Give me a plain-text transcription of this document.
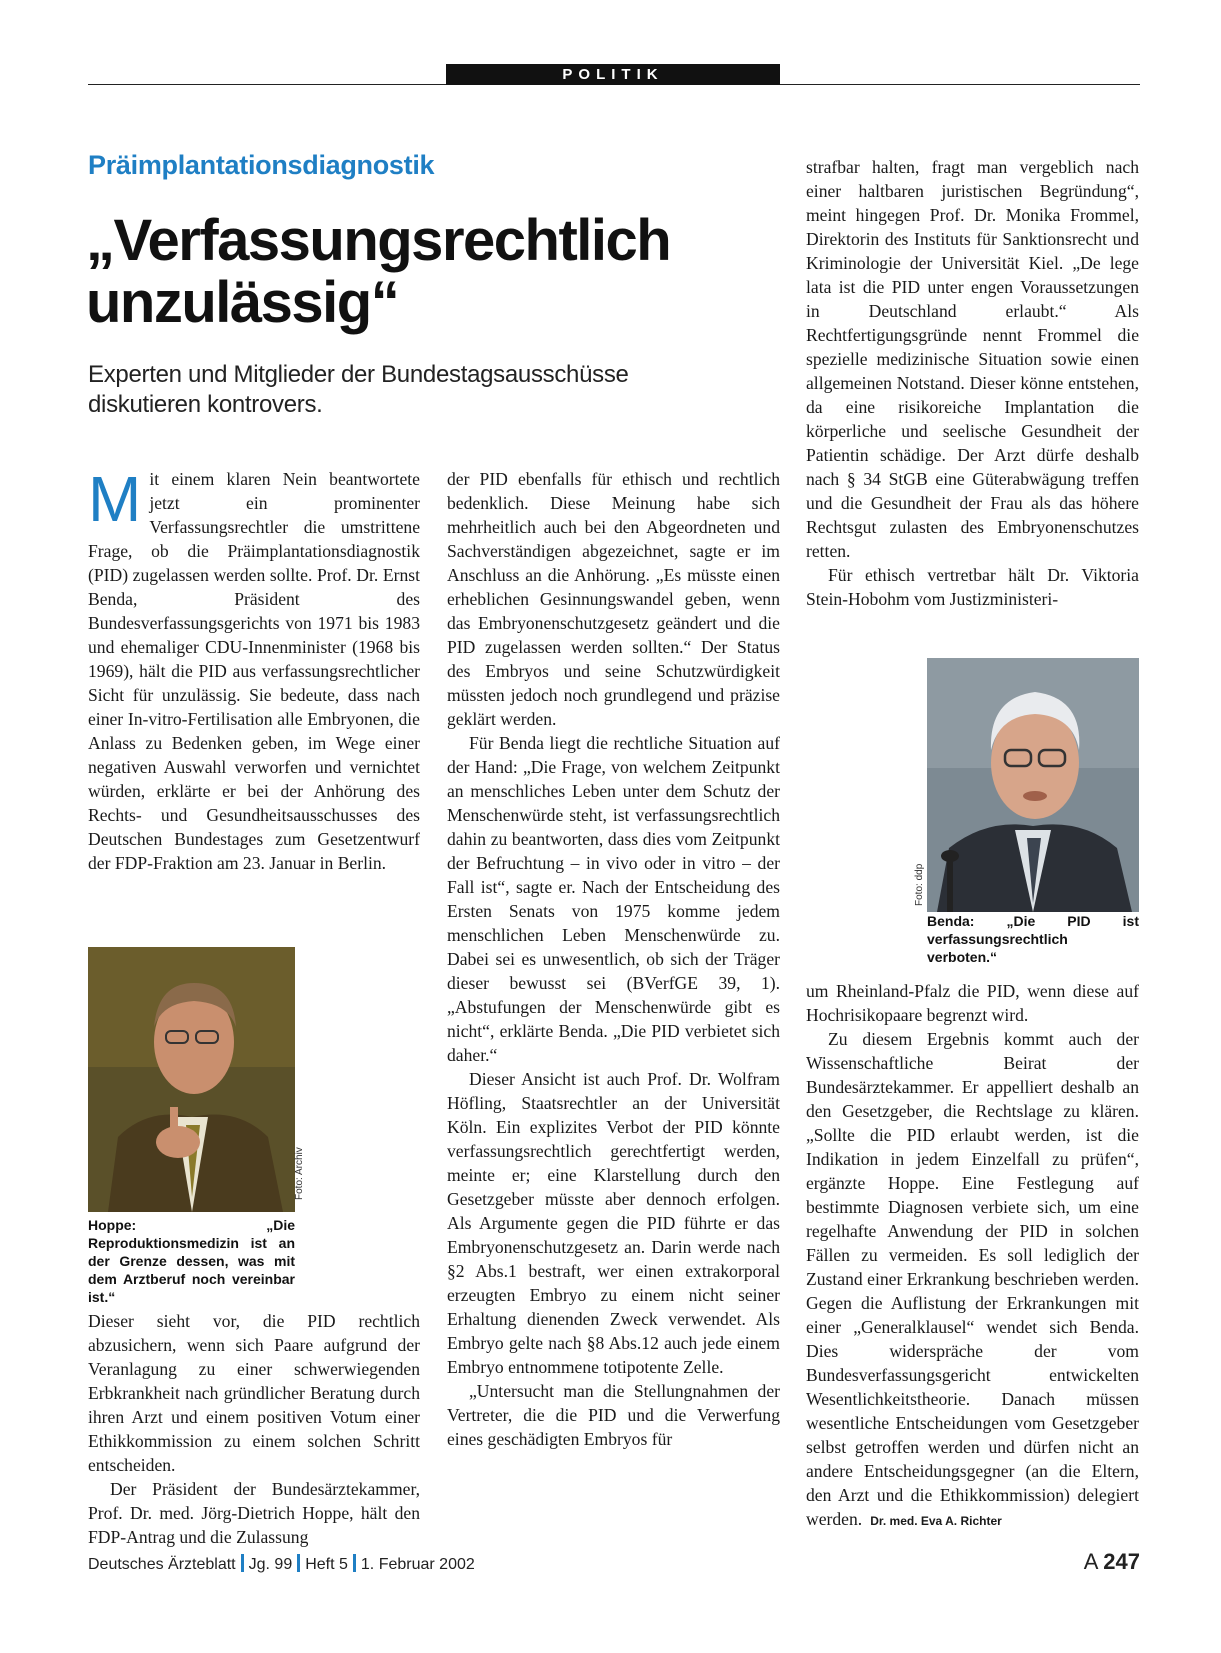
POLITIK
Präimplantationsdiagnostik
„Verfassungsrechtlich
unzulässig“
Experten und Mitglieder der Bundestagsausschüsse diskutieren kontrovers.

Mit einem klaren Nein beantwortete jetzt ein prominenter Verfassungsrechtler die umstrittene Frage, ob die Präimplantationsdiagnostik (PID) zugelassen werden sollte. Prof. Dr. Ernst Benda, Präsident des Bundesverfassungsgerichts von 1971 bis 1983 und ehemaliger CDU-Innenminister (1968 bis 1969), hält die PID aus verfassungsrechtlicher Sicht für unzulässig. Sie bedeute, dass nach einer In-vitro-Fertilisation alle Embryonen, die Anlass zu Bedenken geben, im Wege einer negativen Auswahl verworfen und vernichtet würden, erklärte er bei der Anhörung des Rechts- und Gesundheitsausschusses des Deutschen Bundestages zum Gesetzentwurf der FDP-Fraktion am 23. Januar in Berlin.

Foto: Archiv
Hoppe: „Die Reproduktionsmedizin ist an der Grenze dessen, was mit dem Arztberuf noch vereinbar ist.“

Dieser sieht vor, die PID rechtlich abzusichern, wenn sich Paare aufgrund der Veranlagung zu einer schwerwiegenden Erbkrankheit nach gründlicher Beratung durch ihren Arzt und einem positiven Votum einer Ethikkommission zu einem solchen Schritt entscheiden.

Der Präsident der Bundesärztekammer, Prof. Dr. med. Jörg-Dietrich Hoppe, hält den FDP-Antrag und die Zulassung

der PID ebenfalls für ethisch und rechtlich bedenklich. Diese Meinung habe sich mehrheitlich auch bei den Abgeordneten und Sachverständigen abgezeichnet, sagte er im Anschluss an die Anhörung. „Es müsste einen erheblichen Gesinnungswandel geben, wenn das Embryonenschutzgesetz geändert und die PID zugelassen werden sollten.“ Der Status des Embryos und seine Schutzwürdigkeit müssten jedoch noch grundlegend und präzise geklärt werden.

Für Benda liegt die rechtliche Situation auf der Hand: „Die Frage, von welchem Zeitpunkt an menschliches Leben unter dem Schutz der Menschenwürde steht, ist verfassungsrechtlich dahin zu beantworten, dass dies vom Zeitpunkt der Befruchtung – in vivo oder in vitro – der Fall ist“, sagte er. Nach der Entscheidung des Ersten Senats von 1975 komme jedem menschlichen Leben Menschenwürde zu. Dabei sei es unwesentlich, ob sich der Träger dieser bewusst sei (BVerfGE 39, 1). „Abstufungen der Menschenwürde gibt es nicht“, erklärte Benda. „Die PID verbietet sich daher.“

Dieser Ansicht ist auch Prof. Dr. Wolfram Höfling, Staatsrechtler an der Universität Köln. Ein explizites Verbot der PID könnte verfassungsrechtlich gerechtfertigt werden, meinte er; eine Klarstellung durch den Gesetzgeber müsste aber dennoch erfolgen. Als Argumente gegen die PID führte er das Embryonenschutzgesetz an. Darin werde nach §2 Abs.1 bestraft, wer einen extrakorporal erzeugten Embryo zu einem nicht seiner Erhaltung dienenden Zweck verwendet. Als Embryo gelte nach §8 Abs.12 auch jede einem Embryo entnommene totipotente Zelle.

„Untersucht man die Stellungnahmen der Vertreter, die die PID und die Verwerfung eines geschädigten Embryos für

strafbar halten, fragt man vergeblich nach einer haltbaren juristischen Begründung“, meint hingegen Prof. Dr. Monika Frommel, Direktorin des Instituts für Sanktionsrecht und Kriminologie der Universität Kiel. „De lege lata ist die PID unter engen Voraussetzungen in Deutschland erlaubt.“ Als Rechtfertigungsgründe nennt Frommel die spezielle medizinische Situation sowie einen allgemeinen Notstand. Dieser könne entstehen, da eine risikoreiche Implantation die körperliche und seelische Gesundheit der Patientin schädige. Der Arzt dürfe deshalb nach § 34 StGB eine Güterabwägung treffen und die Gesundheit der Frau als das höhere Rechtsgut zulasten des Embryonenschutzes retten.

Für ethisch vertretbar hält Dr. Viktoria Stein-Hobohm vom Justizministeri-

Foto: ddp
Benda: „Die PID ist verfassungsrechtlich verboten.“

um Rheinland-Pfalz die PID, wenn diese auf Hochrisikopaare begrenzt wird.

Zu diesem Ergebnis kommt auch der Wissenschaftliche Beirat der Bundesärztekammer. Er appelliert deshalb an den Gesetzgeber, die Rechtslage zu klären. „Sollte die PID erlaubt werden, ist die Indikation in jedem Einzelfall zu prüfen“, ergänzte Hoppe. Eine Festlegung auf bestimmte Diagnosen verbiete sich, um eine regelhafte Anwendung der PID in solchen Fällen zu vermeiden. Es soll lediglich der Zustand einer Erkrankung beschrieben werden. Gegen die Auflistung der Erkrankungen mit einer „Generalklausel“ wendet sich Benda. Dies widerspräche der vom Bundesverfassungsgericht entwickelten Wesentlichkeitstheorie. Danach müssen wesentliche Entscheidungen vom Gesetzgeber selbst getroffen werden und dürfen nicht an andere Entscheidungsgegner (an die Eltern, den Arzt und die Ethikkommission) delegiert werden. Dr. med. Eva A. Richter

Deutsches Ärzteblatt Jg. 99 Heft 5 1. Februar 2002	A 247
